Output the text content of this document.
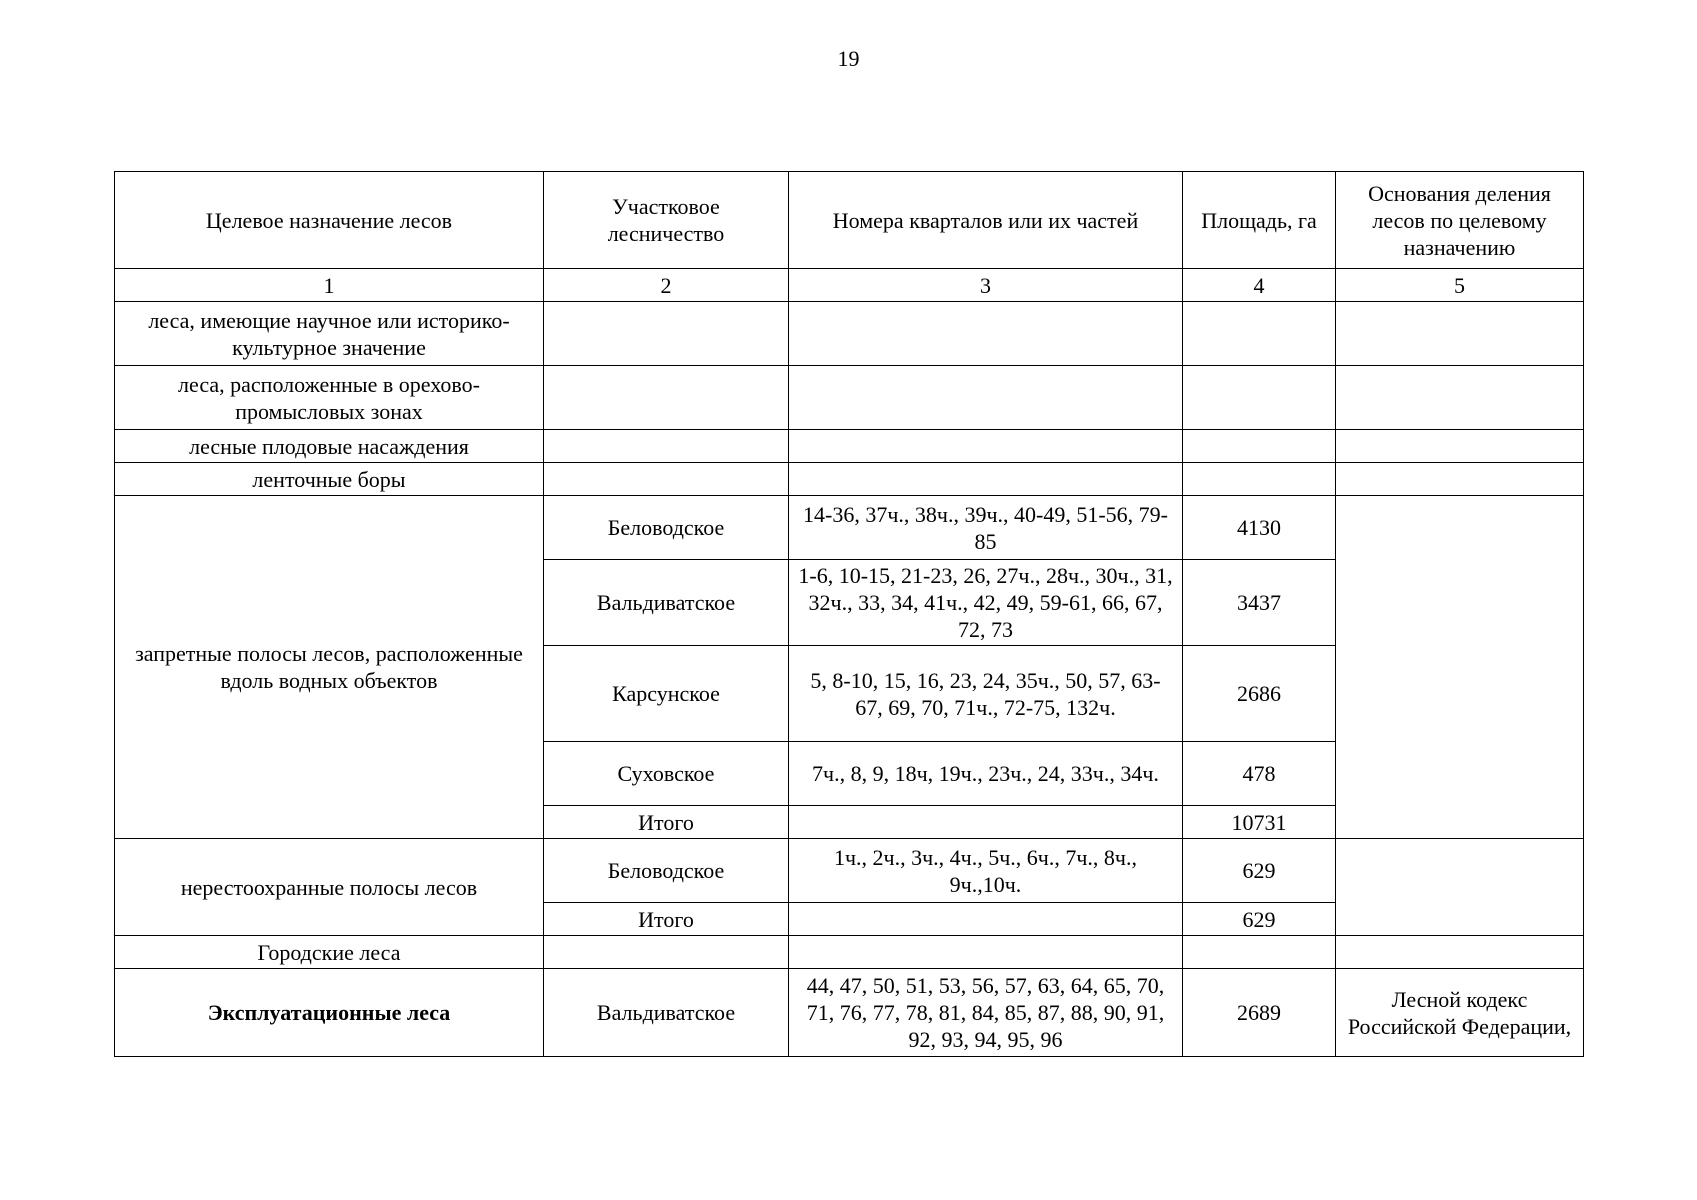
19
Целевое назначение лесов	Участковое лесничество	Номера кварталов или их частей	Площадь, га	Основания деления лесов по целевому назначению
1	2	3	4	5
леса, имеющие научное или историко-культурное значение				
леса, расположенные в орехово-промысловых зонах				
лесные плодовые насаждения				
ленточные боры				
запретные полосы лесов, расположенные вдоль водных объектов	Беловодское	14-36, 37ч., 38ч., 39ч., 40-49, 51-56, 79-85	4130	
	Вальдиватское	1-6, 10-15, 21-23, 26, 27ч., 28ч., 30ч., 31, 32ч., 33, 34, 41ч., 42, 49, 59-61, 66, 67, 72, 73	3437	
	Карсунское	5, 8-10, 15, 16, 23, 24, 35ч., 50, 57, 63-67, 69, 70, 71ч., 72-75, 132ч.	2686	
	Суховское	7ч., 8, 9, 18ч, 19ч., 23ч., 24, 33ч., 34ч.	478	
	Итого		10731	
нерестоохранные полосы лесов	Беловодское	1ч., 2ч., 3ч., 4ч., 5ч., 6ч., 7ч., 8ч., 9ч.,10ч.	629	
	Итого		629	
Городские леса				
Эксплуатационные леса	Вальдиватское	44, 47, 50, 51, 53, 56, 57, 63, 64, 65, 70, 71, 76, 77, 78, 81, 84, 85, 87, 88, 90, 91, 92, 93, 94, 95, 96	2689	Лесной кодекс Российской Федерации,
